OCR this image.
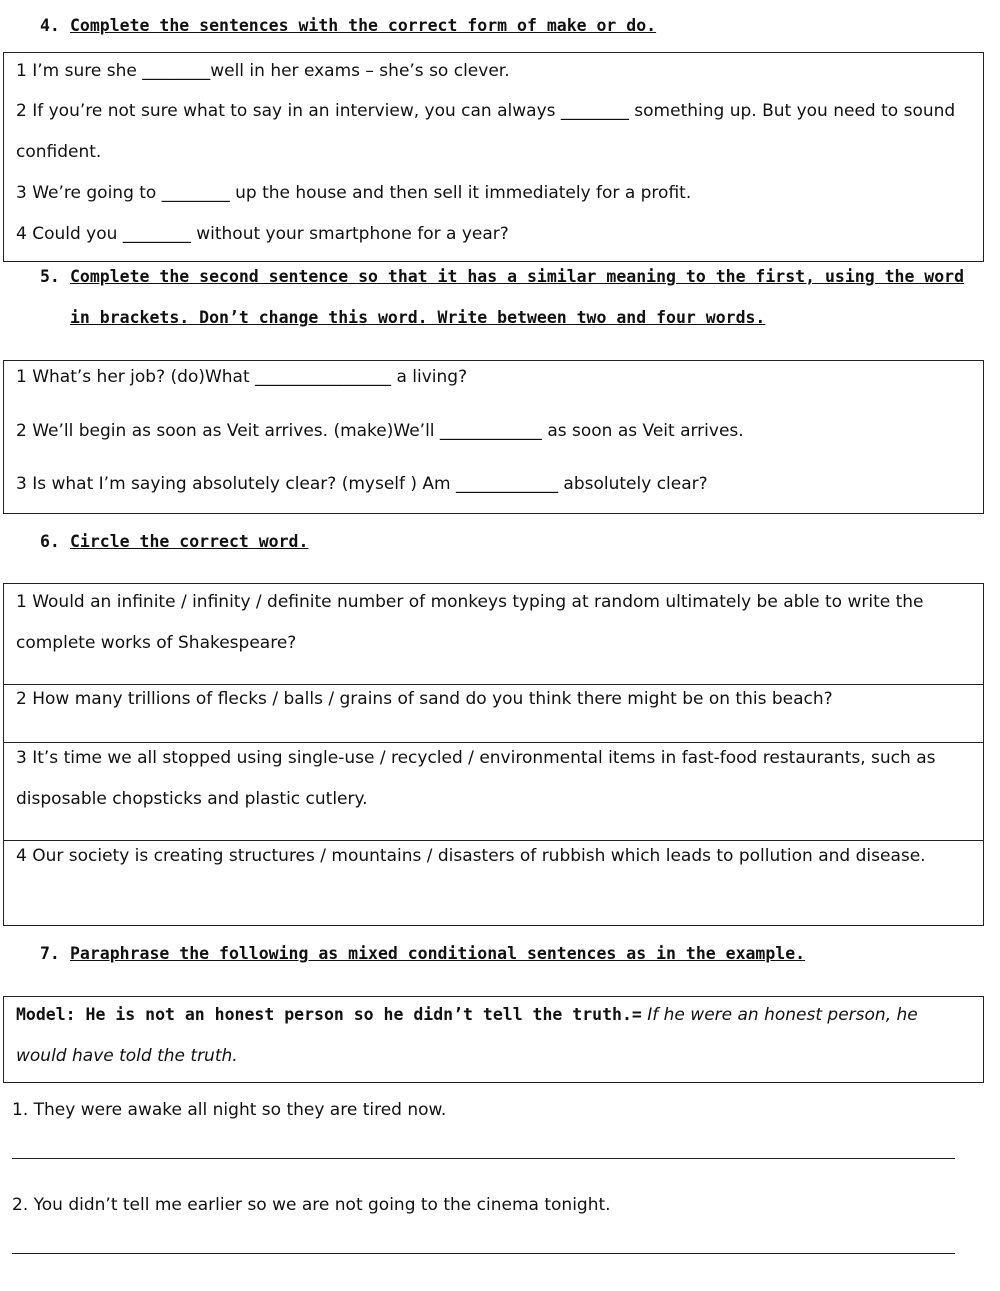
4. Complete the sentences with the correct form of make or do.
1 I’m sure she ________well in her exams – she’s so clever.
2 If you’re not sure what to say in an interview, you can always ________ something up. But you need to sound confident.
3 We’re going to ________ up the house and then sell it immediately for a profit.
4 Could you ________ without your smartphone for a year?
5. Complete the second sentence so that it has a similar meaning to the first, using the word in brackets. Don’t change this word. Write between two and four words.
1 What’s her job? (do)What ________________ a living?
2 We’ll begin as soon as Veit arrives. (make)We’ll ____________ as soon as Veit arrives.
3 Is what I’m saying absolutely clear? (myself ) Am ____________ absolutely clear?
6. Circle the correct word.
1 Would an infinite / infinity / definite number of monkeys typing at random ultimately be able to write the complete works of Shakespeare?
2 How many trillions of flecks / balls / grains of sand do you think there might be on this beach?
3 It’s time we all stopped using single-use / recycled / environmental items in fast-food restaurants, such as disposable chopsticks and plastic cutlery.
4 Our society is creating structures / mountains / disasters of rubbish which leads to pollution and disease.
7. Paraphrase the following as mixed conditional sentences as in the example.
Model: He is not an honest person so he didn’t tell the truth.= If he were an honest person, he would have told the truth.
1. They were awake all night so they are tired now.
2. You didn’t tell me earlier so we are not going to the cinema tonight.
